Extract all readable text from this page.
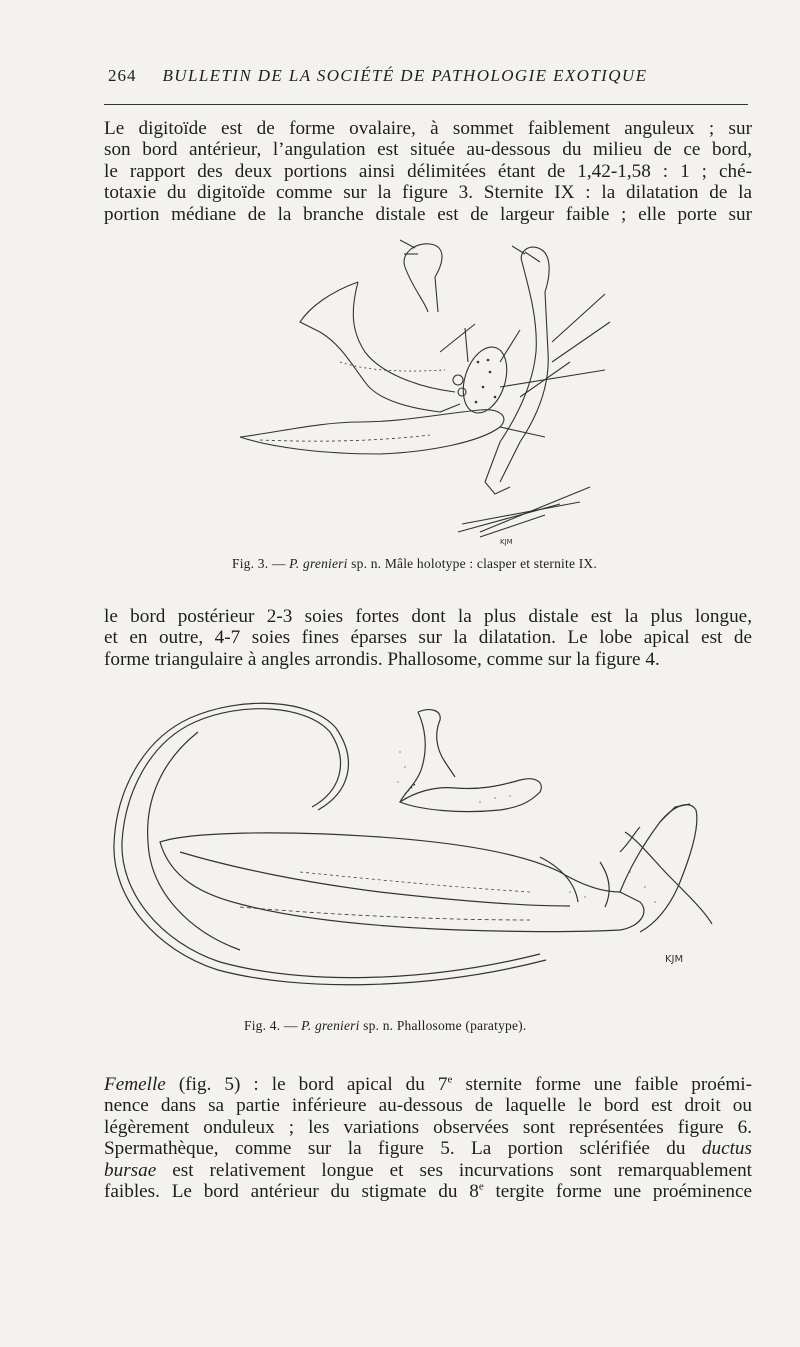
264 BULLETIN DE LA SOCIÉTÉ DE PATHOLOGIE EXOTIQUE

Le digitoïde est de forme ovalaire, à sommet faiblement anguleux ; sur
son bord antérieur, l’angulation est située au-dessous du milieu de ce bord,
le rapport des deux portions ainsi délimitées étant de 1,42-1,58 : 1 ; ché-
totaxie du digitoïde comme sur la figure 3. Sternite IX : la dilatation de la
portion médiane de la branche distale est de largeur faible ; elle porte sur

KJM
Fig. 3. — P. grenieri sp. n. Mâle holotype : clasper et sternite IX.

le bord postérieur 2-3 soies fortes dont la plus distale est la plus longue,
et en outre, 4-7 soies fines éparses sur la dilatation. Le lobe apical est de
forme triangulaire à angles arrondis. Phallosome, comme sur la figure 4.

KJM
Fig. 4. — P. grenieri sp. n. Phallosome (paratype).

Femelle (fig. 5) : le bord apical du 7e sternite forme une faible proémi-
nence dans sa partie inférieure au-dessous de laquelle le bord est droit ou
légèrement onduleux ; les variations observées sont représentées figure 6.
Spermathèque, comme sur la figure 5. La portion sclérifiée du ductus
bursae est relativement longue et ses incurvations sont remarquablement
faibles. Le bord antérieur du stigmate du 8e tergite forme une proéminence
